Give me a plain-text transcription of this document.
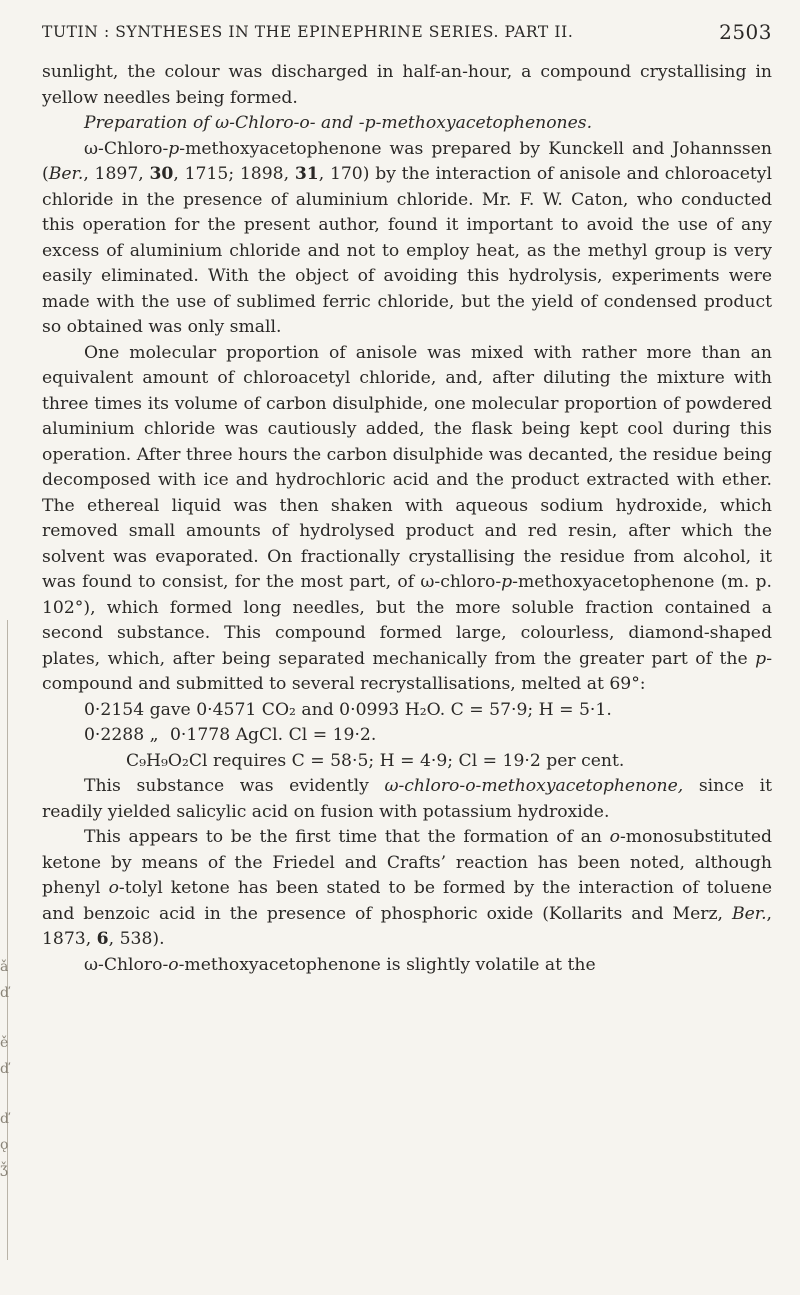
ǎ
ď
ě
ď
ď
ǫ
ǯ
TUTIN : SYNTHESES IN THE EPINEPHRINE SERIES. PART II.	2503

sunlight, the colour was discharged in half-an-hour, a compound crystallising in yellow needles being formed.

Preparation of ω-Chloro-o- and -p-methoxyacetophenones.

ω-Chloro-p-methoxyacetophenone was prepared by Kunckell and Johannssen (Ber., 1897, 30, 1715; 1898, 31, 170) by the interaction of anisole and chloroacetyl chloride in the presence of aluminium chloride. Mr. F. W. Caton, who conducted this operation for the present author, found it important to avoid the use of any excess of aluminium chloride and not to employ heat, as the methyl group is very easily eliminated. With the object of avoiding this hydrolysis, experiments were made with the use of sublimed ferric chloride, but the yield of condensed product so obtained was only small.

One molecular proportion of anisole was mixed with rather more than an equivalent amount of chloroacetyl chloride, and, after diluting the mixture with three times its volume of carbon disulphide, one molecular proportion of powdered aluminium chloride was cautiously added, the flask being kept cool during this operation. After three hours the carbon disulphide was decanted, the residue being decomposed with ice and hydrochloric acid and the product extracted with ether. The ethereal liquid was then shaken with aqueous sodium hydroxide, which removed small amounts of hydrolysed product and red resin, after which the solvent was evaporated. On fractionally crystallising the residue from alcohol, it was found to consist, for the most part, of ω-chloro-p-methoxyacetophenone (m. p. 102°), which formed long needles, but the more soluble fraction contained a second substance. This compound formed large, colourless, diamond-shaped plates, which, after being separated mechanically from the greater part of the p-compound and submitted to several recrystallisations, melted at 69°:

0·2154 gave 0·4571 CO₂ and 0·0993 H₂O. C = 57·9; H = 5·1.

0·2288 „ 0·1778 AgCl. Cl = 19·2.

C₉H₉O₂Cl requires C = 58·5; H = 4·9; Cl = 19·2 per cent.

This substance was evidently ω-chloro-o-methoxyacetophenone, since it readily yielded salicylic acid on fusion with potassium hydroxide.

This appears to be the first time that the formation of an o-monosubstituted ketone by means of the Friedel and Crafts’ reaction has been noted, although phenyl o-tolyl ketone has been stated to be formed by the interaction of toluene and benzoic acid in the presence of phosphoric oxide (Kollarits and Merz, Ber., 1873, 6, 538).

ω-Chloro-o-methoxyacetophenone is slightly volatile at the
